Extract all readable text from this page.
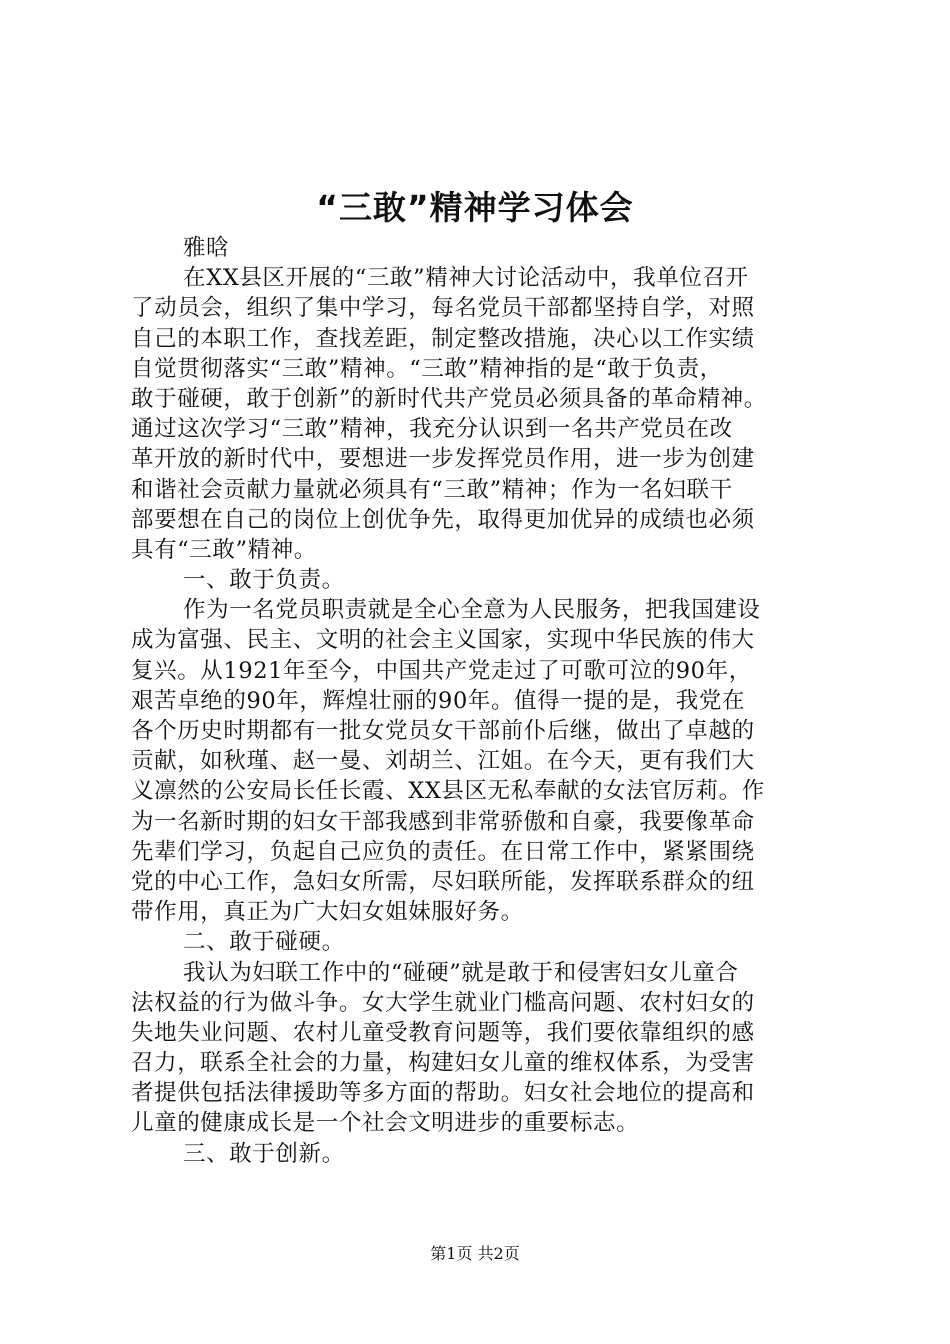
“三敢”精神学习体会
雅晗
在XX县区开展的“三敢”精神大讨论活动中，我单位召开
了动员会，组织了集中学习，每名党员干部都坚持自学，对照
自己的本职工作，查找差距，制定整改措施，决心以工作实绩
自觉贯彻落实“三敢”精神。“三敢”精神指的是“敢于负责，
敢于碰硬，敢于创新”的新时代共产党员必须具备的革命精神。
通过这次学习“三敢”精神，我充分认识到一名共产党员在改
革开放的新时代中，要想进一步发挥党员作用，进一步为创建
和谐社会贡献力量就必须具有“三敢”精神；作为一名妇联干
部要想在自己的岗位上创优争先，取得更加优异的成绩也必须
具有“三敢”精神。
一、敢于负责。
作为一名党员职责就是全心全意为人民服务，把我国建设
成为富强、民主、文明的社会主义国家，实现中华民族的伟大
复兴。从1921年至今，中国共产党走过了可歌可泣的90年，
艰苦卓绝的90年，辉煌壮丽的90年。值得一提的是，我党在
各个历史时期都有一批女党员女干部前仆后继，做出了卓越的
贡献，如秋瑾、赵一曼、刘胡兰、江姐。在今天，更有我们大
义凛然的公安局长任长霞、XX县区无私奉献的女法官厉莉。作
为一名新时期的妇女干部我感到非常骄傲和自豪，我要像革命
先辈们学习，负起自己应负的责任。在日常工作中，紧紧围绕
党的中心工作，急妇女所需，尽妇联所能，发挥联系群众的纽
带作用，真正为广大妇女姐妹服好务。
二、敢于碰硬。
我认为妇联工作中的“碰硬”就是敢于和侵害妇女儿童合
法权益的行为做斗争。女大学生就业门槛高问题、农村妇女的
失地失业问题、农村儿童受教育问题等，我们要依靠组织的感
召力，联系全社会的力量，构建妇女儿童的维权体系，为受害
者提供包括法律援助等多方面的帮助。妇女社会地位的提高和
儿童的健康成长是一个社会文明进步的重要标志。
三、敢于创新。
第1页 共2页
